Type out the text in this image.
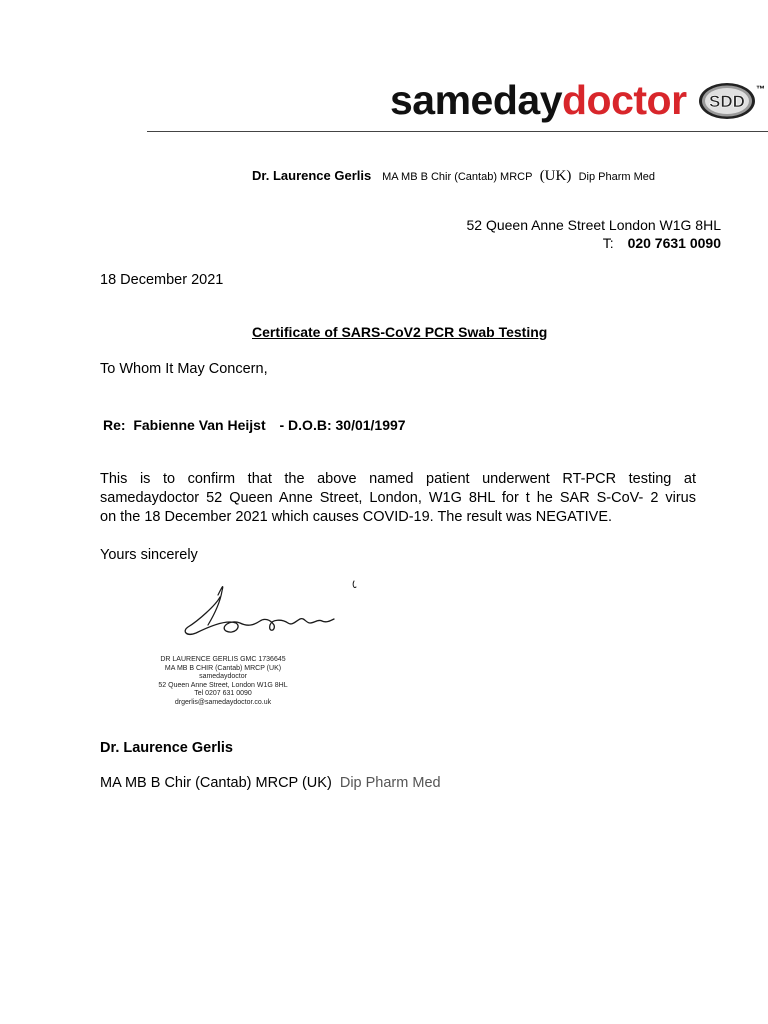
samedaydoctor SDD
™
Dr. Laurence Gerlis MA MB B Chir (Cantab) MRCP (UK) Dip Pharm Med
52 Queen Anne Street London W1G 8HL
T: 020 7631 0090
18 December 2021
Certificate of SARS-CoV2 PCR Swab Testing
To Whom It May Concern,
Re: Fabienne Van Heijst - D.O.B: 30/01/1997
This is to confirm that the above named patient underwent RT-PCR testing at
samedaydoctor 52 Queen Anne Street, London, W1G 8HL for t he SAR S-CoV- 2 virus
on the 18 December 2021 which causes COVID-19. The result was NEGATIVE.
Yours sincerely
DR LAURENCE GERLIS GMC 1736645
MA MB B CHIR (Cantab) MRCP (UK)
samedaydoctor
52 Queen Anne Street, London W1G 8HL
Tel 0207 631 0090
drgerlis@samedaydoctor.co.uk
Dr. Laurence Gerlis
MA MB B Chir (Cantab) MRCP (UK) Dip Pharm Med
